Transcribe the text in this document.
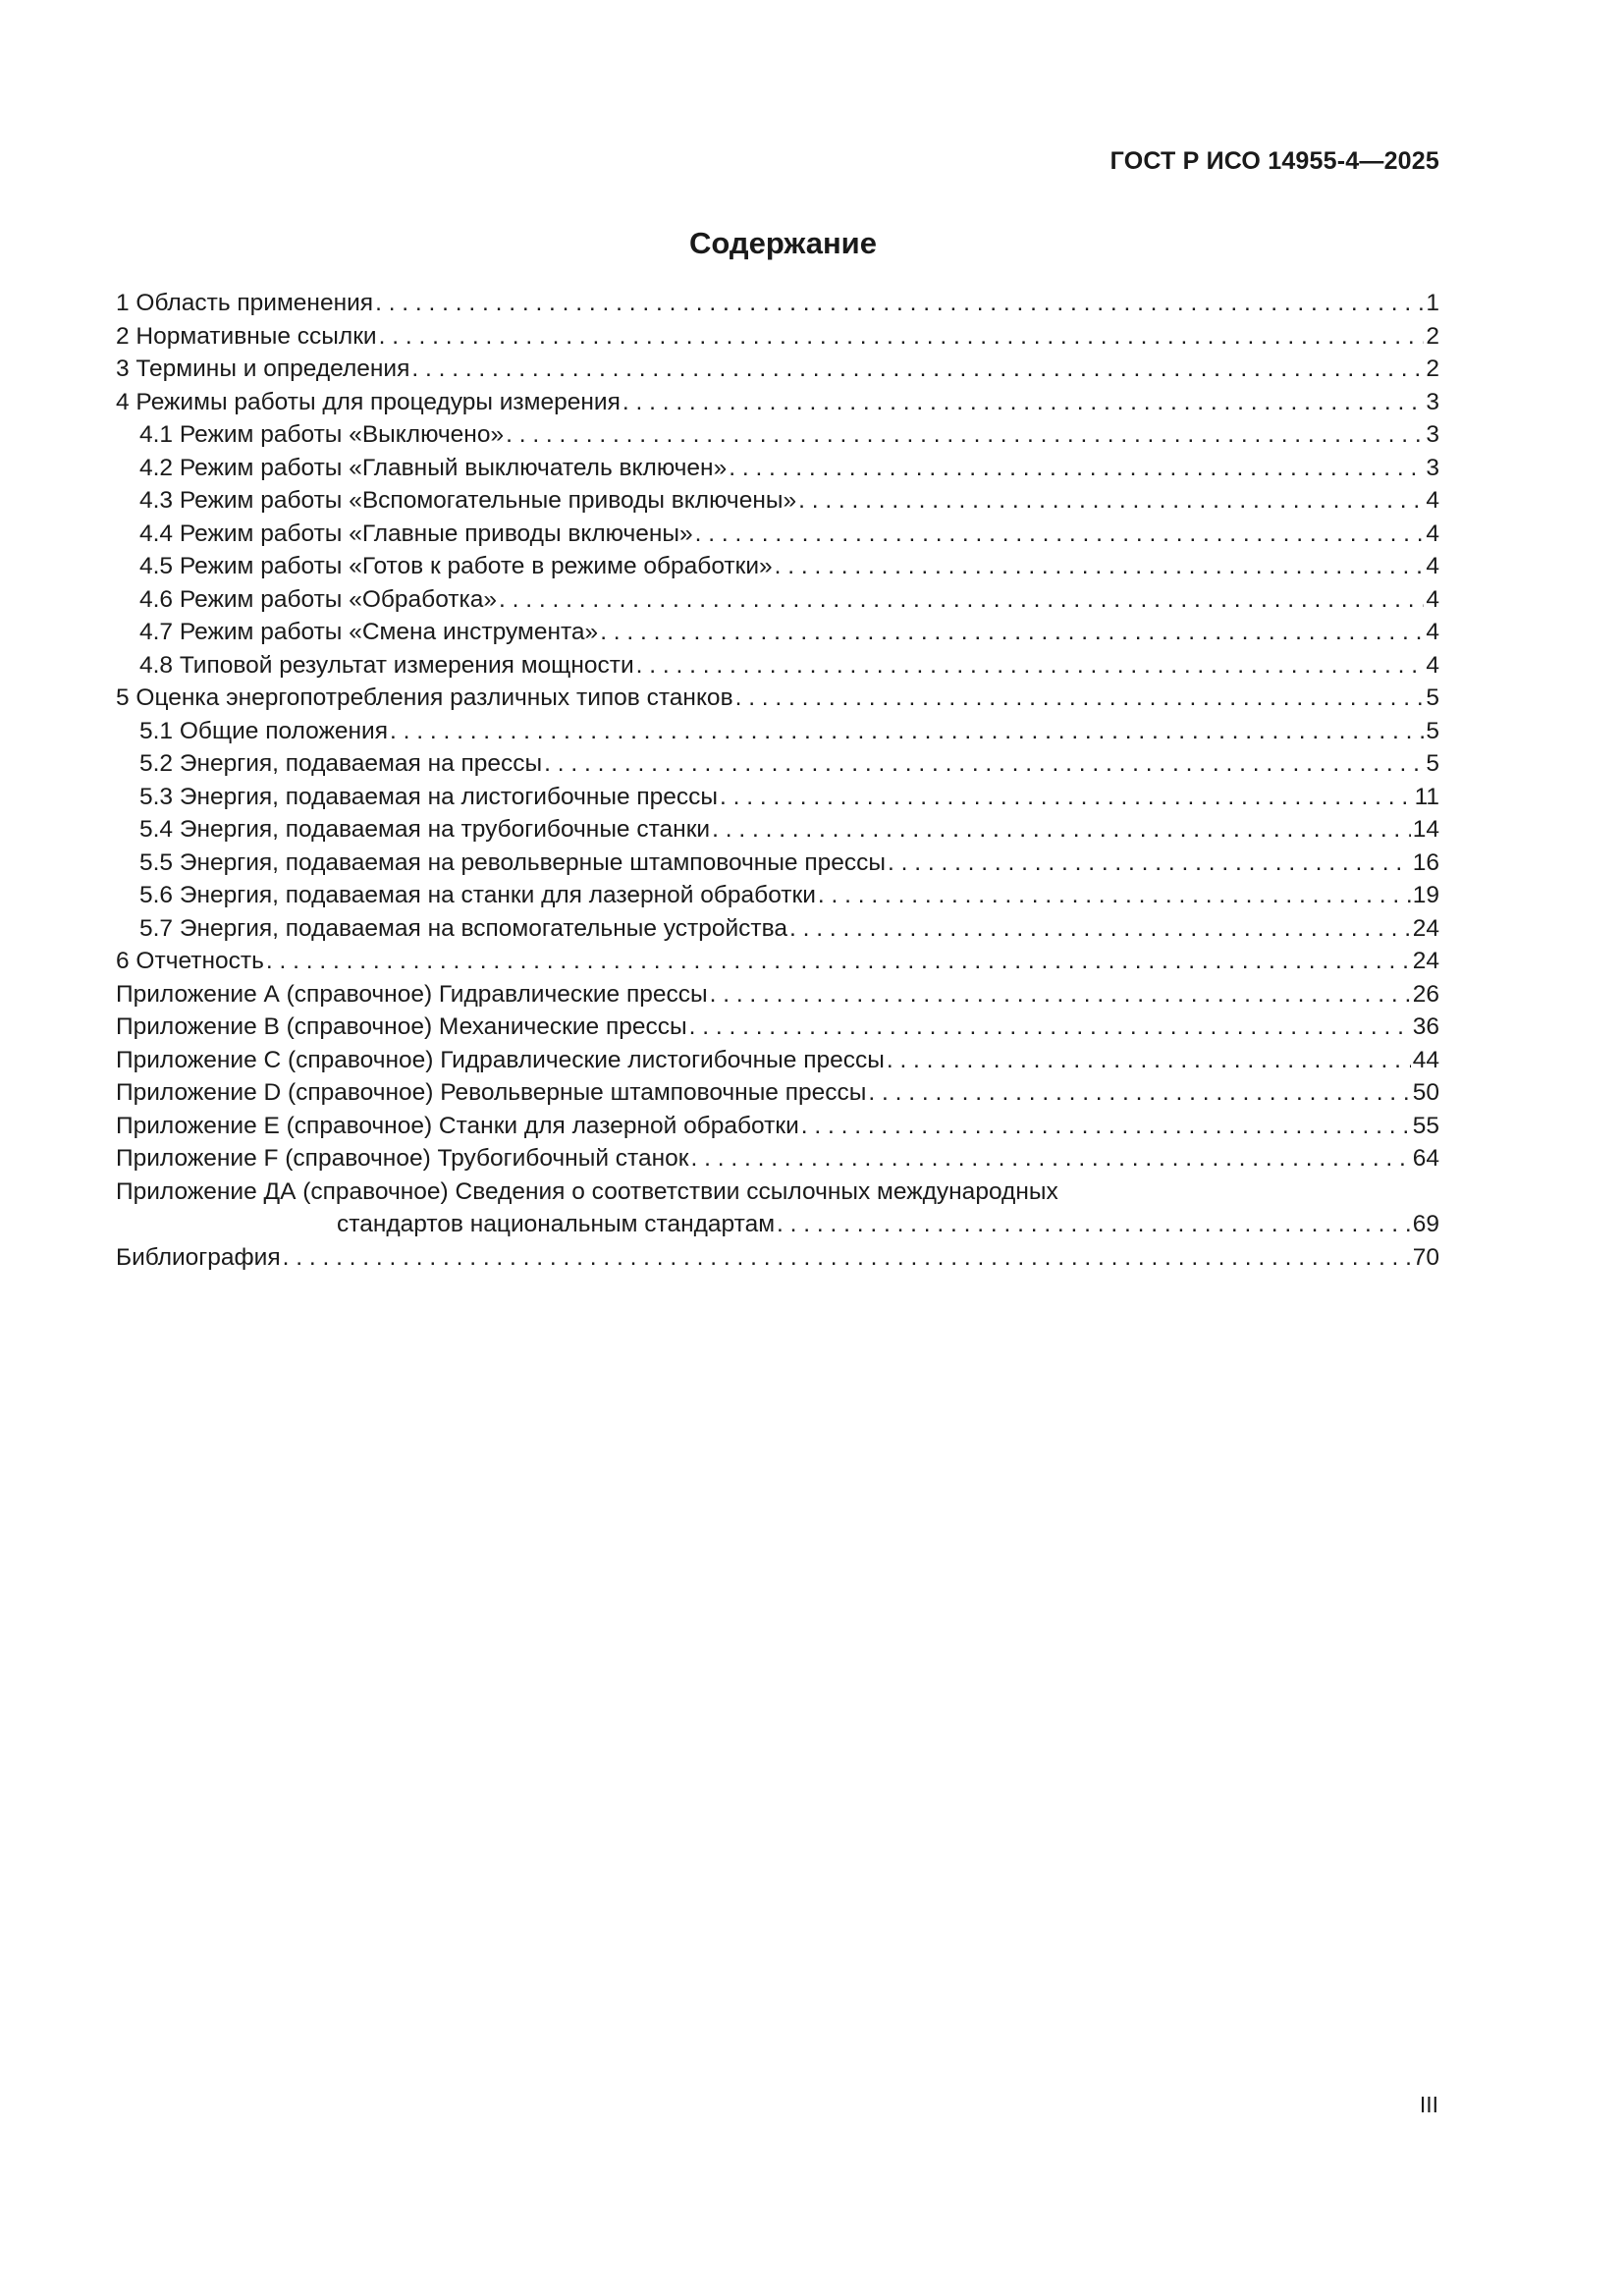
ГОСТ Р ИСО 14955-4—2025
Содержание
1 Область применения . . .	1
2 Нормативные ссылки . . .	2
3 Термины и определения . . .	2
4 Режимы работы для процедуры измерения . . .	3
4.1 Режим работы «Выключено» . . .	3
4.2 Режим работы «Главный выключатель включен» . . .	3
4.3 Режим работы «Вспомогательные приводы включены» . . .	4
4.4 Режим работы «Главные приводы включены» . . .	4
4.5 Режим работы «Готов к работе в режиме обработки» . . .	4
4.6 Режим работы «Обработка» . . .	4
4.7 Режим работы «Смена инструмента» . . .	4
4.8 Типовой результат измерения мощности . . .	4
5 Оценка энергопотребления различных типов станков . . .	5
5.1 Общие положения . . .	5
5.2 Энергия, подаваемая на прессы . . .	5
5.3 Энергия, подаваемая на листогибочные прессы . . .	11
5.4 Энергия, подаваемая на трубогибочные станки . . .	14
5.5 Энергия, подаваемая на револьверные штамповочные прессы . . .	16
5.6 Энергия, подаваемая на станки для лазерной обработки . . .	19
5.7 Энергия, подаваемая на вспомогательные устройства . . .	24
6 Отчетность . . .	24
Приложение А (справочное) Гидравлические прессы . . .	26
Приложение В (справочное) Механические прессы . . .	36
Приложение С (справочное) Гидравлические листогибочные прессы . . .	44
Приложение D (справочное) Револьверные штамповочные прессы . . .	50
Приложение Е (справочное) Станки для лазерной обработки . . .	55
Приложение F (справочное) Трубогибочный станок . . .	64
Приложение ДА (справочное) Сведения о соответствии ссылочных международных
стандартов национальным стандартам . . .	69
Библиография . . .	70
III
